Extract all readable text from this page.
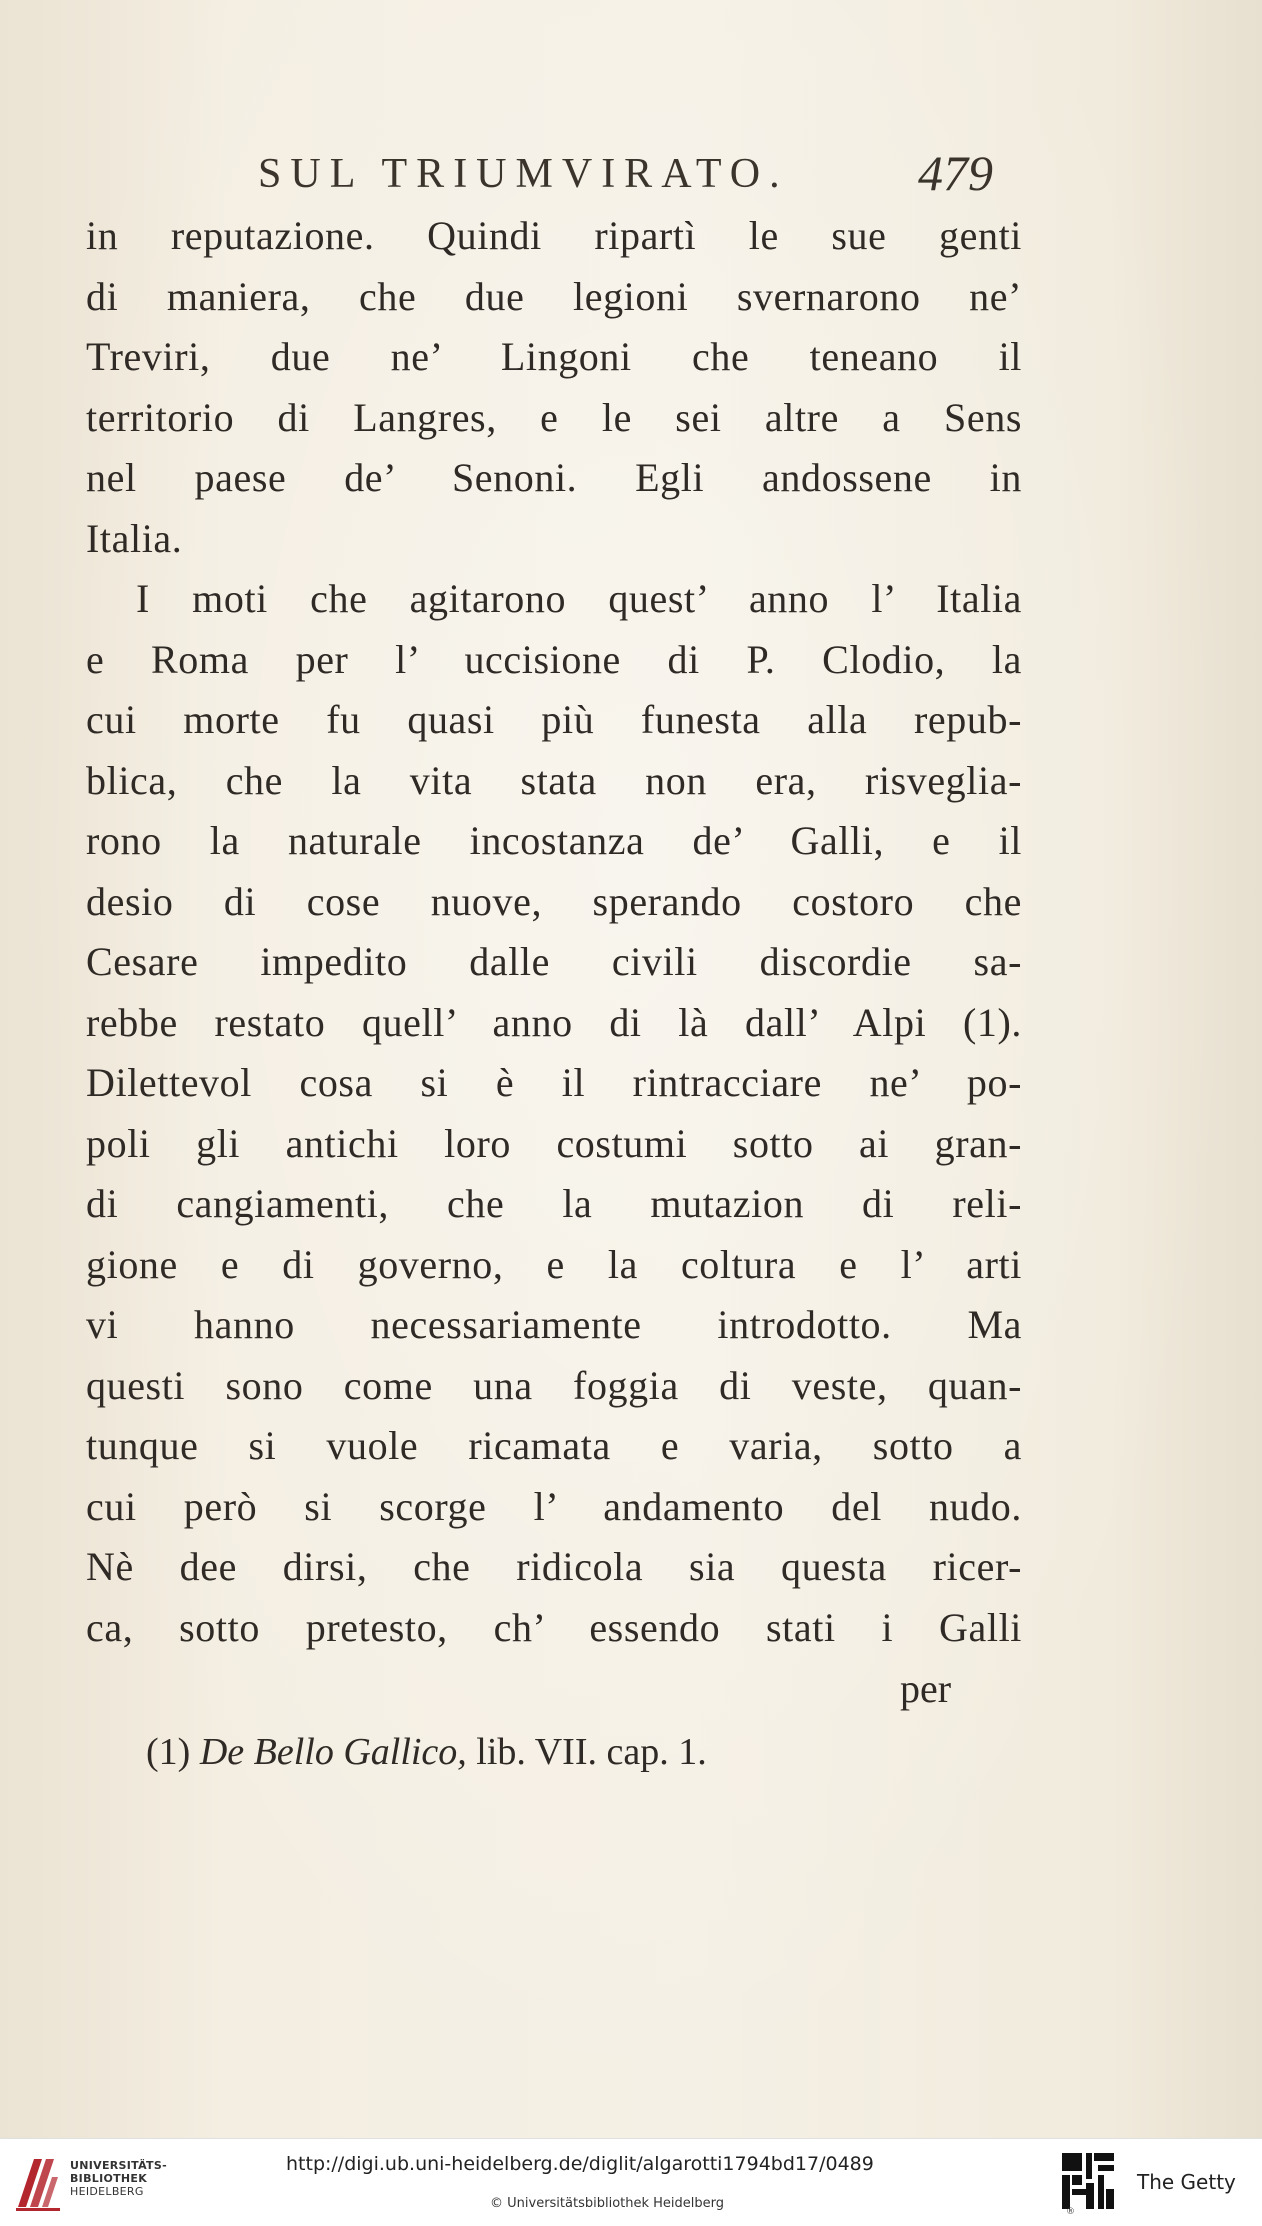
SUL TRIUMVIRATO.	479
in reputazione. Quindi ripartì le sue genti
di maniera, che due legioni svernarono ne’
Treviri, due ne’ Lingoni che teneano il
territorio di Langres, e le sei altre a Sens
nel paese de’ Senoni. Egli andossene in
Italia.
I moti che agitarono quest’ anno l’ Italia
e Roma per l’ uccisione di P. Clodio, la
cui morte fu quasi più funesta alla repub-
blica, che la vita stata non era, risveglia-
rono la naturale incostanza de’ Galli, e il
desio di cose nuove, sperando costoro che
Cesare impedito dalle civili discordie sa-
rebbe restato quell’ anno di là dall’ Alpi (1).
Dilettevol cosa si è il rintracciare ne’ po-
poli gli antichi loro costumi sotto ai gran-
di cangiamenti, che la mutazion di reli-
gione e di governo, e la coltura e l’ arti
vi hanno necessariamente introdotto. Ma
questi sono come una foggia di veste, quan-
tunque si vuole ricamata e varia, sotto a
cui però si scorge l’ andamento del nudo.
Nè dee dirsi, che ridicola sia questa ricer-
ca, sotto pretesto, ch’ essendo stati i Galli
per
(1) De Bello Gallico, lib. VII. cap. 1.
UNIVERSITÄTS-
BIBLIOTHEK
HEIDELBERG
http://digi.ub.uni-heidelberg.de/diglit/algarotti1794bd17/0489
© Universitätsbibliothek Heidelberg
®
The Getty
